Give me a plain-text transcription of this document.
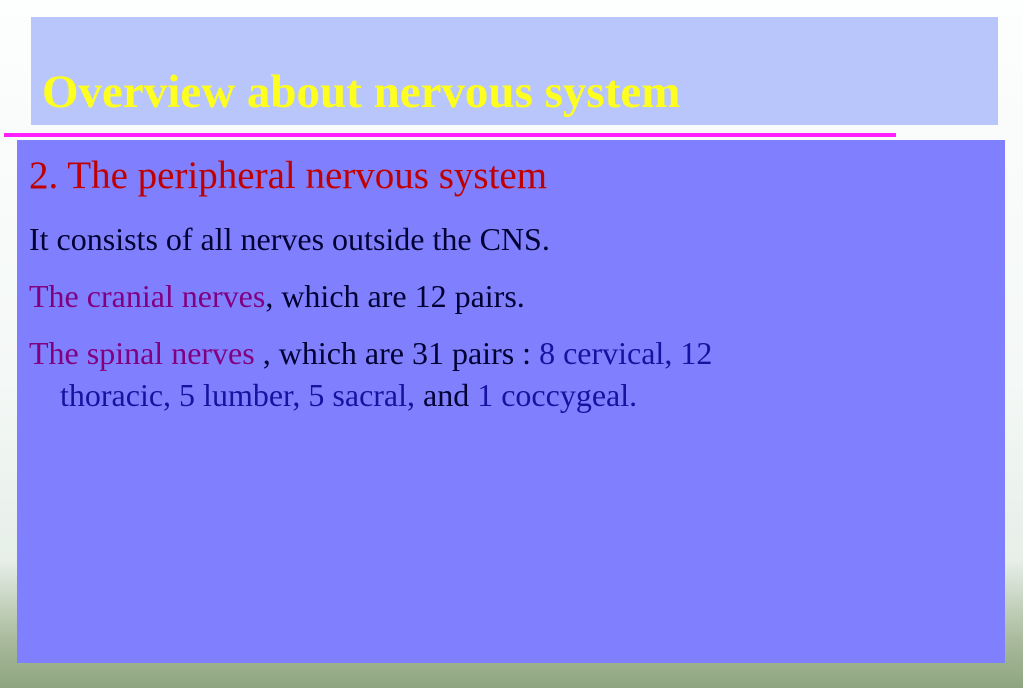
Overview about nervous system
2. The peripheral nervous system

It consists of all nerves outside the CNS.

The cranial nerves, which are 12 pairs.

The spinal nerves , which are 31 pairs : 8 cervical, 12
thoracic, 5 lumber, 5 sacral, and 1 coccygeal.
